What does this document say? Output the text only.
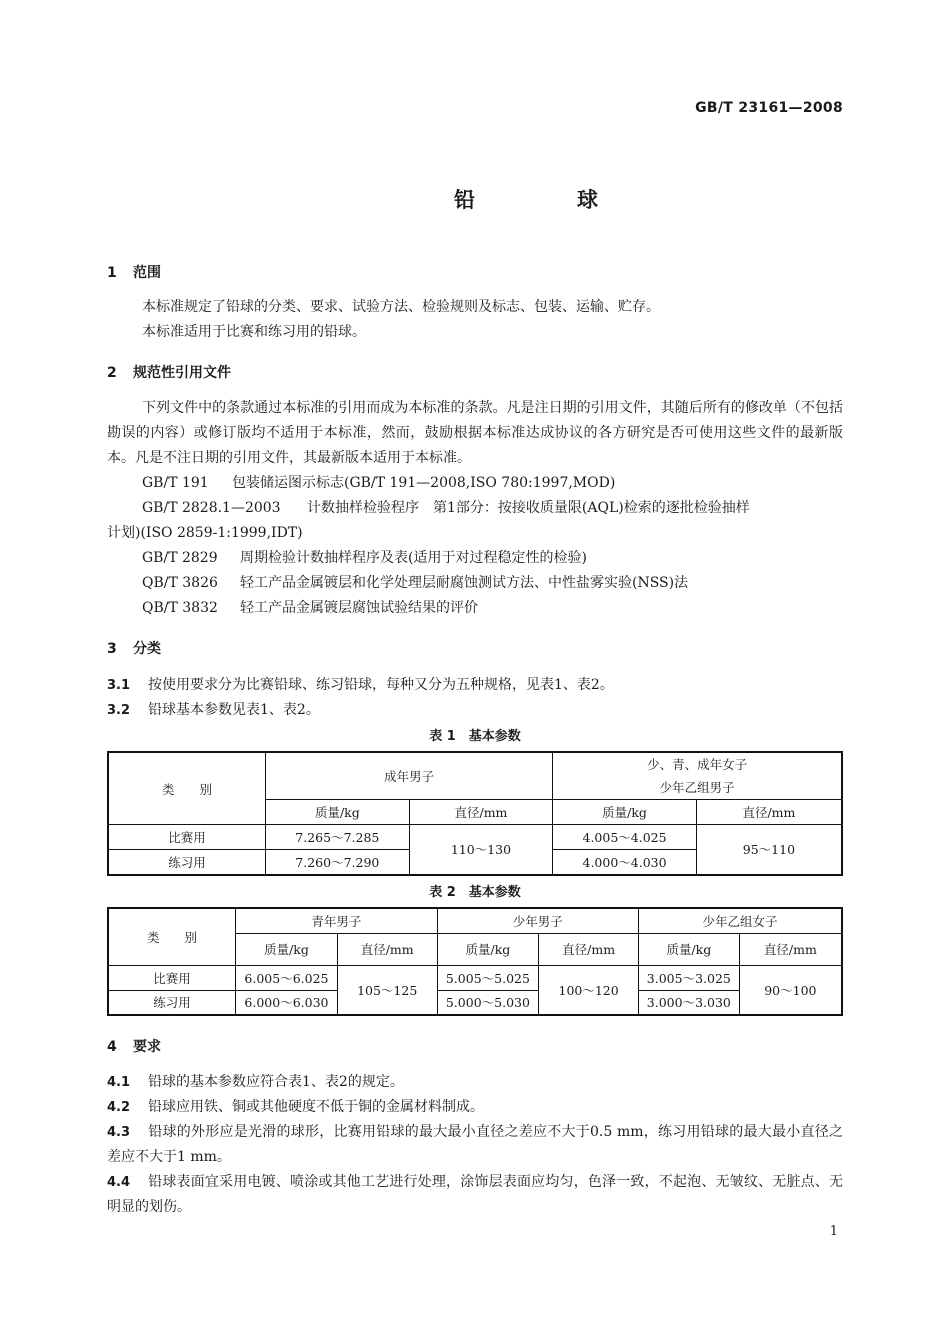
GB/T 23161—2008
铅球
1 范围
本标准规定了铅球的分类、要求、试验方法、检验规则及标志、包装、运输、贮存。
本标准适用于比赛和练习用的铅球。
2 规范性引用文件
下列文件中的条款通过本标准的引用而成为本标准的条款。凡是注日期的引用文件，其随后所有的修改单（不包括勘误的内容）或修订版均不适用于本标准，然而，鼓励根据本标准达成协议的各方研究是否可使用这些文件的最新版本。凡是不注日期的引用文件，其最新版本适用于本标准。
GB/T 191 包装储运图示标志(GB/T 191—2008,ISO 780:1997,MOD)
GB/T 2828.1—2003 计数抽样检验程序　第1部分：按接收质量限(AQL)检索的逐批检验抽样
计划)(ISO 2859-1:1999,IDT)
GB/T 2829 周期检验计数抽样程序及表(适用于对过程稳定性的检验)
QB/T 3826 轻工产品金属镀层和化学处理层耐腐蚀测试方法、中性盐雾实验(NSS)法
QB/T 3832 轻工产品金属镀层腐蚀试验结果的评价
3 分类
3.1 按使用要求分为比赛铅球、练习铅球，每种又分为五种规格，见表1、表2。
3.2 铅球基本参数见表1、表2。
表 1　基本参数
类　　别	成年男子		少、青、成年女子
少年乙组男子	

	质量/kg	直径/mm	质量/kg	直径/mm
比赛用	7.265～7.285	110～130	4.005～4.025	95～110
练习用	7.260～7.290		4.000～4.030	
表 2　基本参数
类　　别	青年男子		少年男子		少年乙组女子	
	质量/kg	直径/mm	质量/kg	直径/mm	质量/kg	直径/mm
比赛用	6.005～6.025	105～125	5.005～5.025	100～120	3.005～3.025	90～100
练习用	6.000～6.030		5.000～5.030		3.000～3.030	
4 要求
4.1 铅球的基本参数应符合表1、表2的规定。
4.2 铅球应用铁、铜或其他硬度不低于铜的金属材料制成。
4.3 铅球的外形应是光滑的球形，比赛用铅球的最大最小直径之差应不大于0.5 mm，练习用铅球的最大最小直径之差应不大于1 mm。
4.4 铅球表面宜采用电镀、喷涂或其他工艺进行处理，涂饰层表面应均匀，色泽一致，不起泡、无皱纹、无脏点、无明显的划伤。
1
